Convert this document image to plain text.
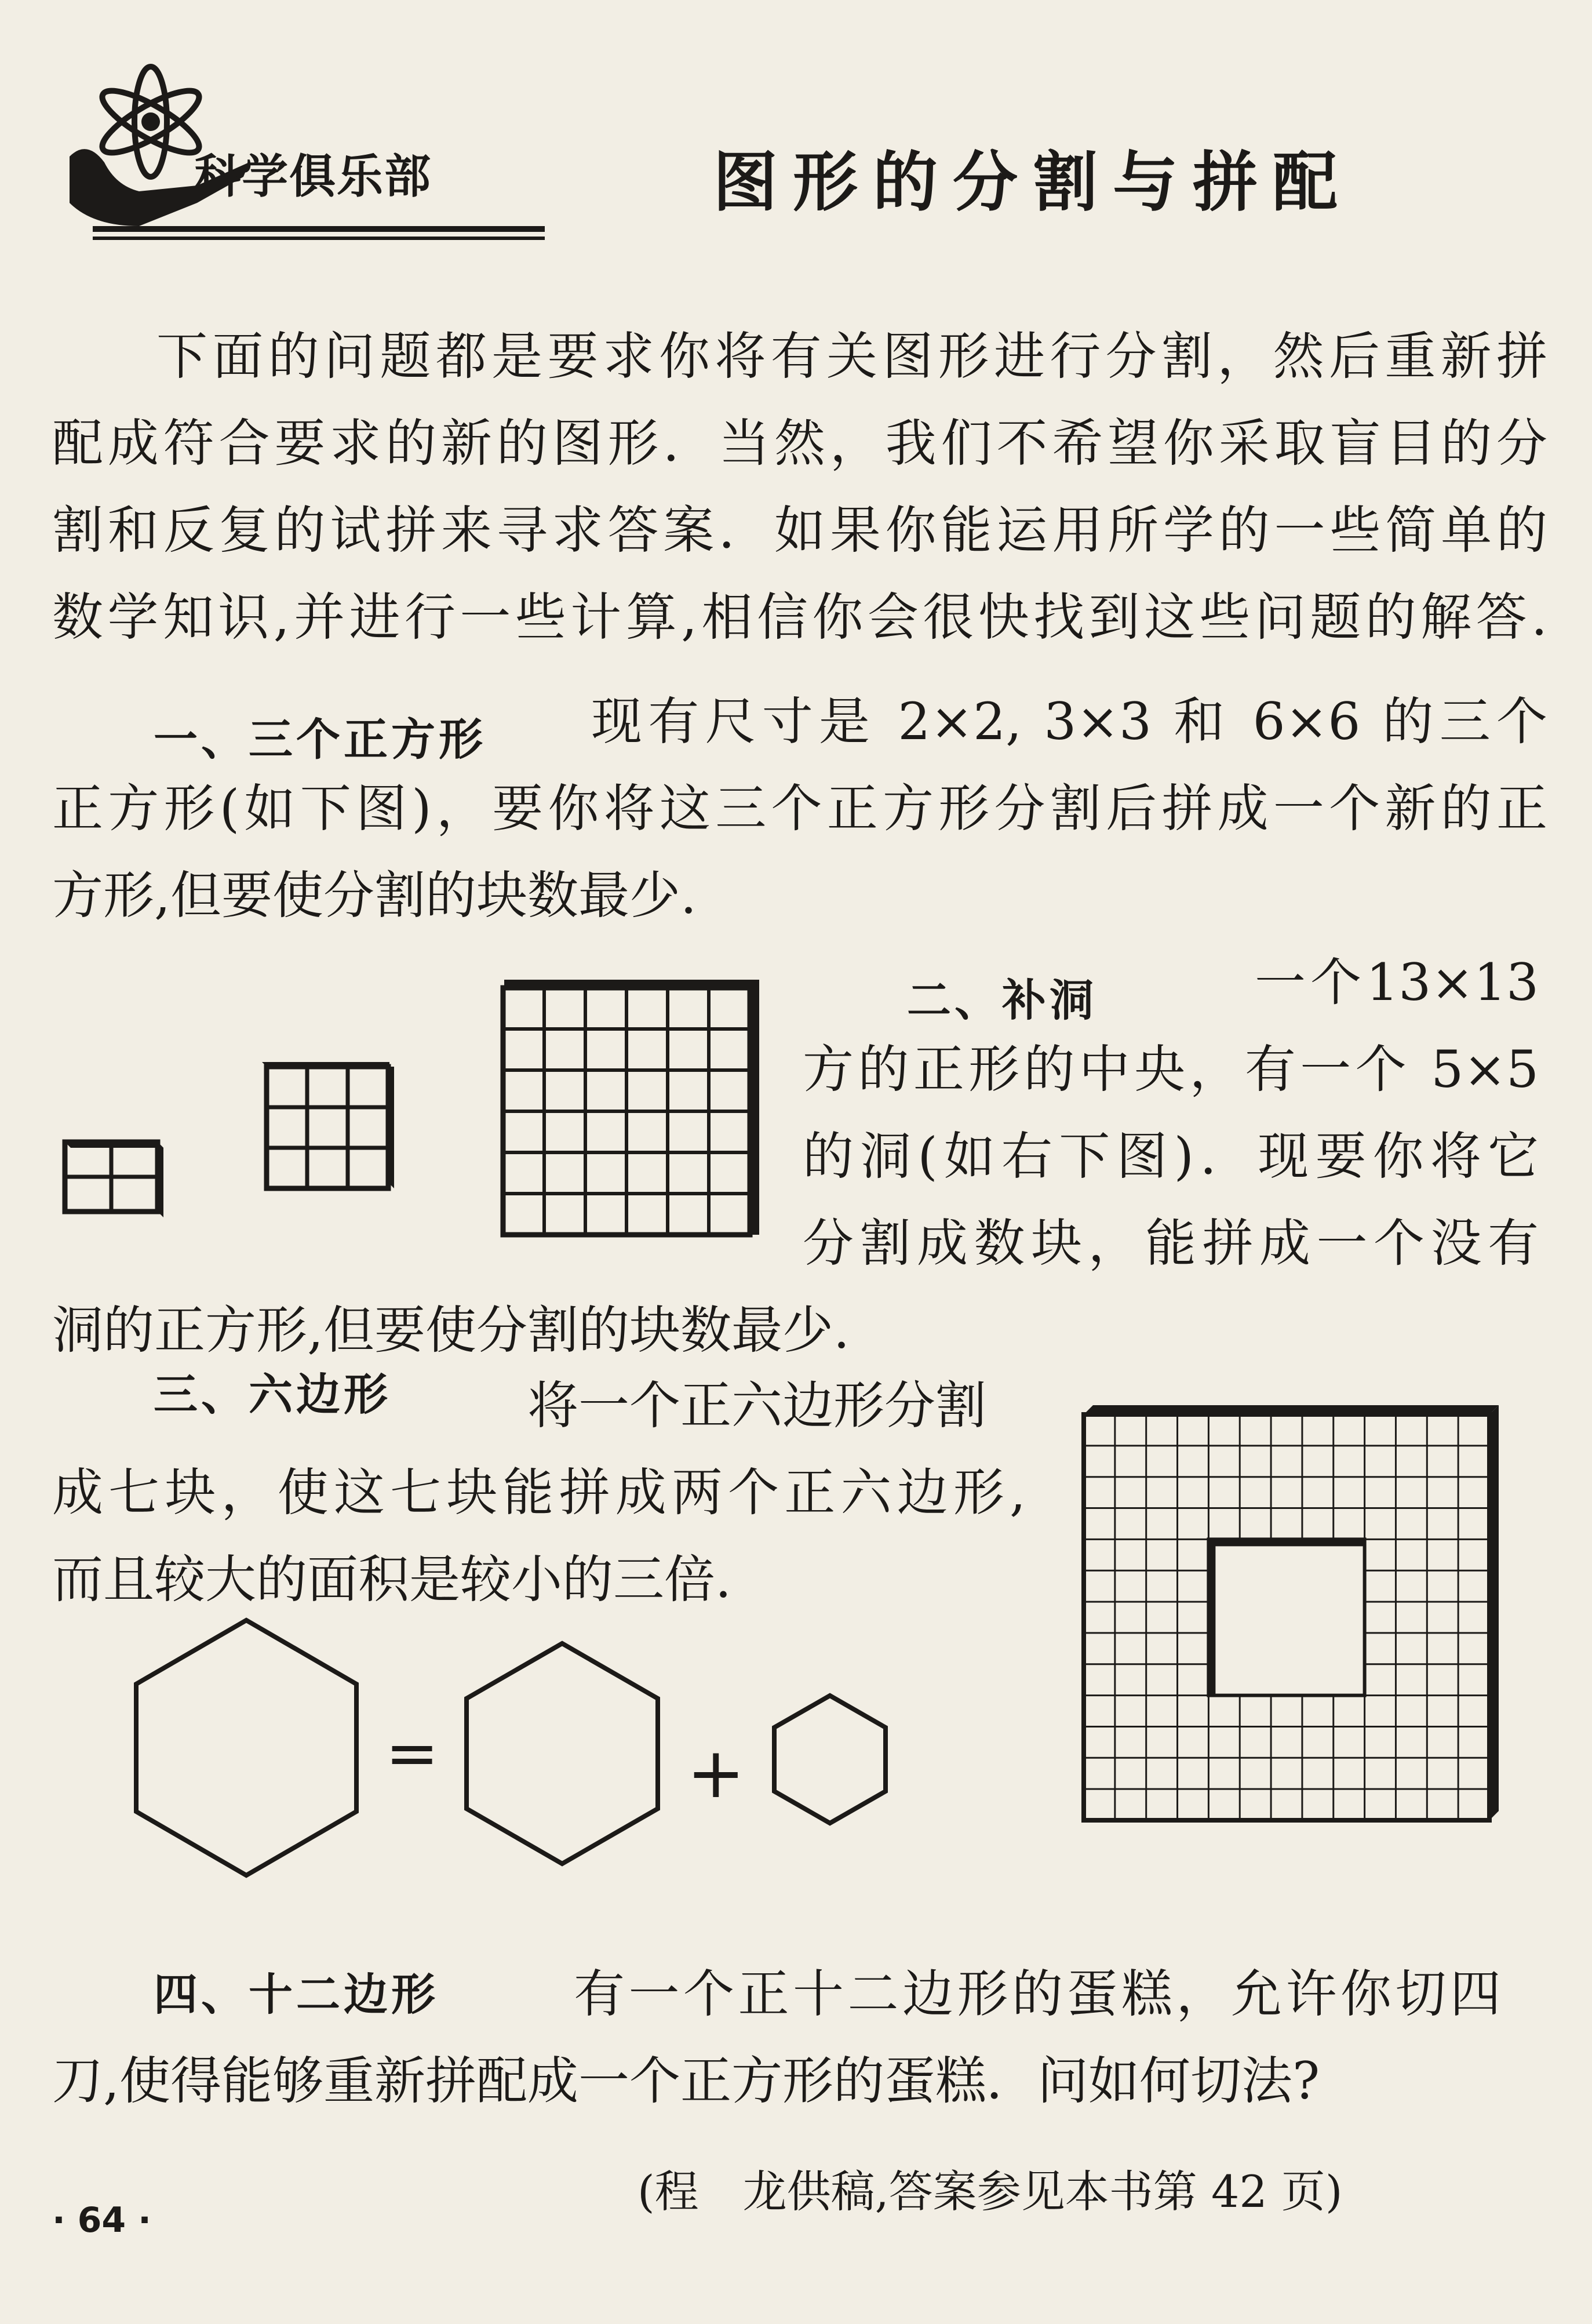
科学俱乐部	图形的分割与拼配
下面的问题都是要求你将有关图形进行分割，然后重新拼
配成符合要求的新的图形．当然，我们不希望你采取盲目的分
割和反复的试拼来寻求答案．如果你能运用所学的一些简单的
数学知识,并进行一些计算,相信你会很快找到这些问题的解答.
一、三个正方形	现有尺寸是 2×2, 3×3 和 6×6 的三个
正方形(如下图)，要你将这三个正方形分割后拼成一个新的正
方形,但要使分割的块数最少.
二、补洞	一个13×13
方的正形的中央，有一个 5×5
的洞(如右下图)．现要你将它
分割成数块，能拼成一个没有
洞的正方形,但要使分割的块数最少.
三、六边形	将一个正六边形分割
成七块，使这七块能拼成两个正六边形,
而且较大的面积是较小的三倍.
=	+
四、十二边形	有一个正十二边形的蛋糕，允许你切四
刀,使得能够重新拼配成一个正方形的蛋糕．问如何切法?
(程　龙供稿,答案参见本书第 42 页)
· 64 ·
